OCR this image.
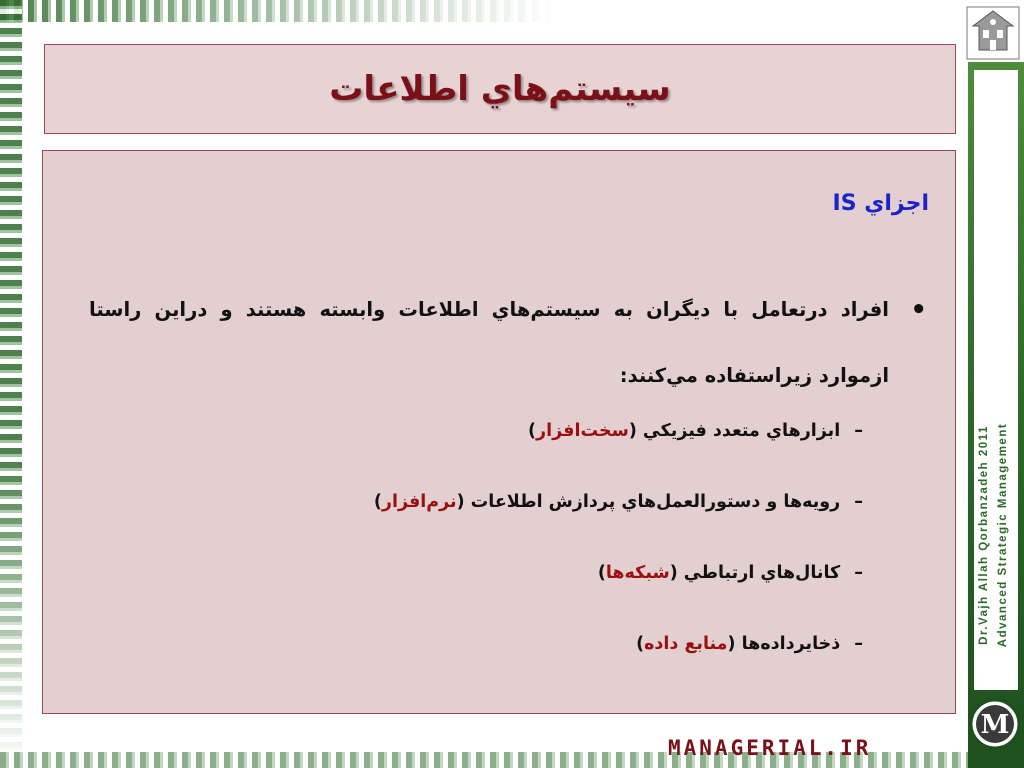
Dr.Vajh Allah Qorbanzadeh 2011 Advanced Strategic Management
M
MANAGERIAL.IR
سيستم‌هاي اطلاعات
اجزاي IS
•
افراد درتعامل با ديگران به سيستم‌هاي اطلاعات وابسته هستند و دراين راستا ازموارد زيراستفاده مي‌كنند:
–
ابزارهاي متعدد فيزيكي (سخت‌افزار)
–
رويه‌ها و دستورالعمل‌هاي پردازش اطلاعات (نرم‌افزار)
–
كانال‌هاي ارتباطي (شبكه‌ها)
–
ذخايرداده‌ها (منابع داده)
